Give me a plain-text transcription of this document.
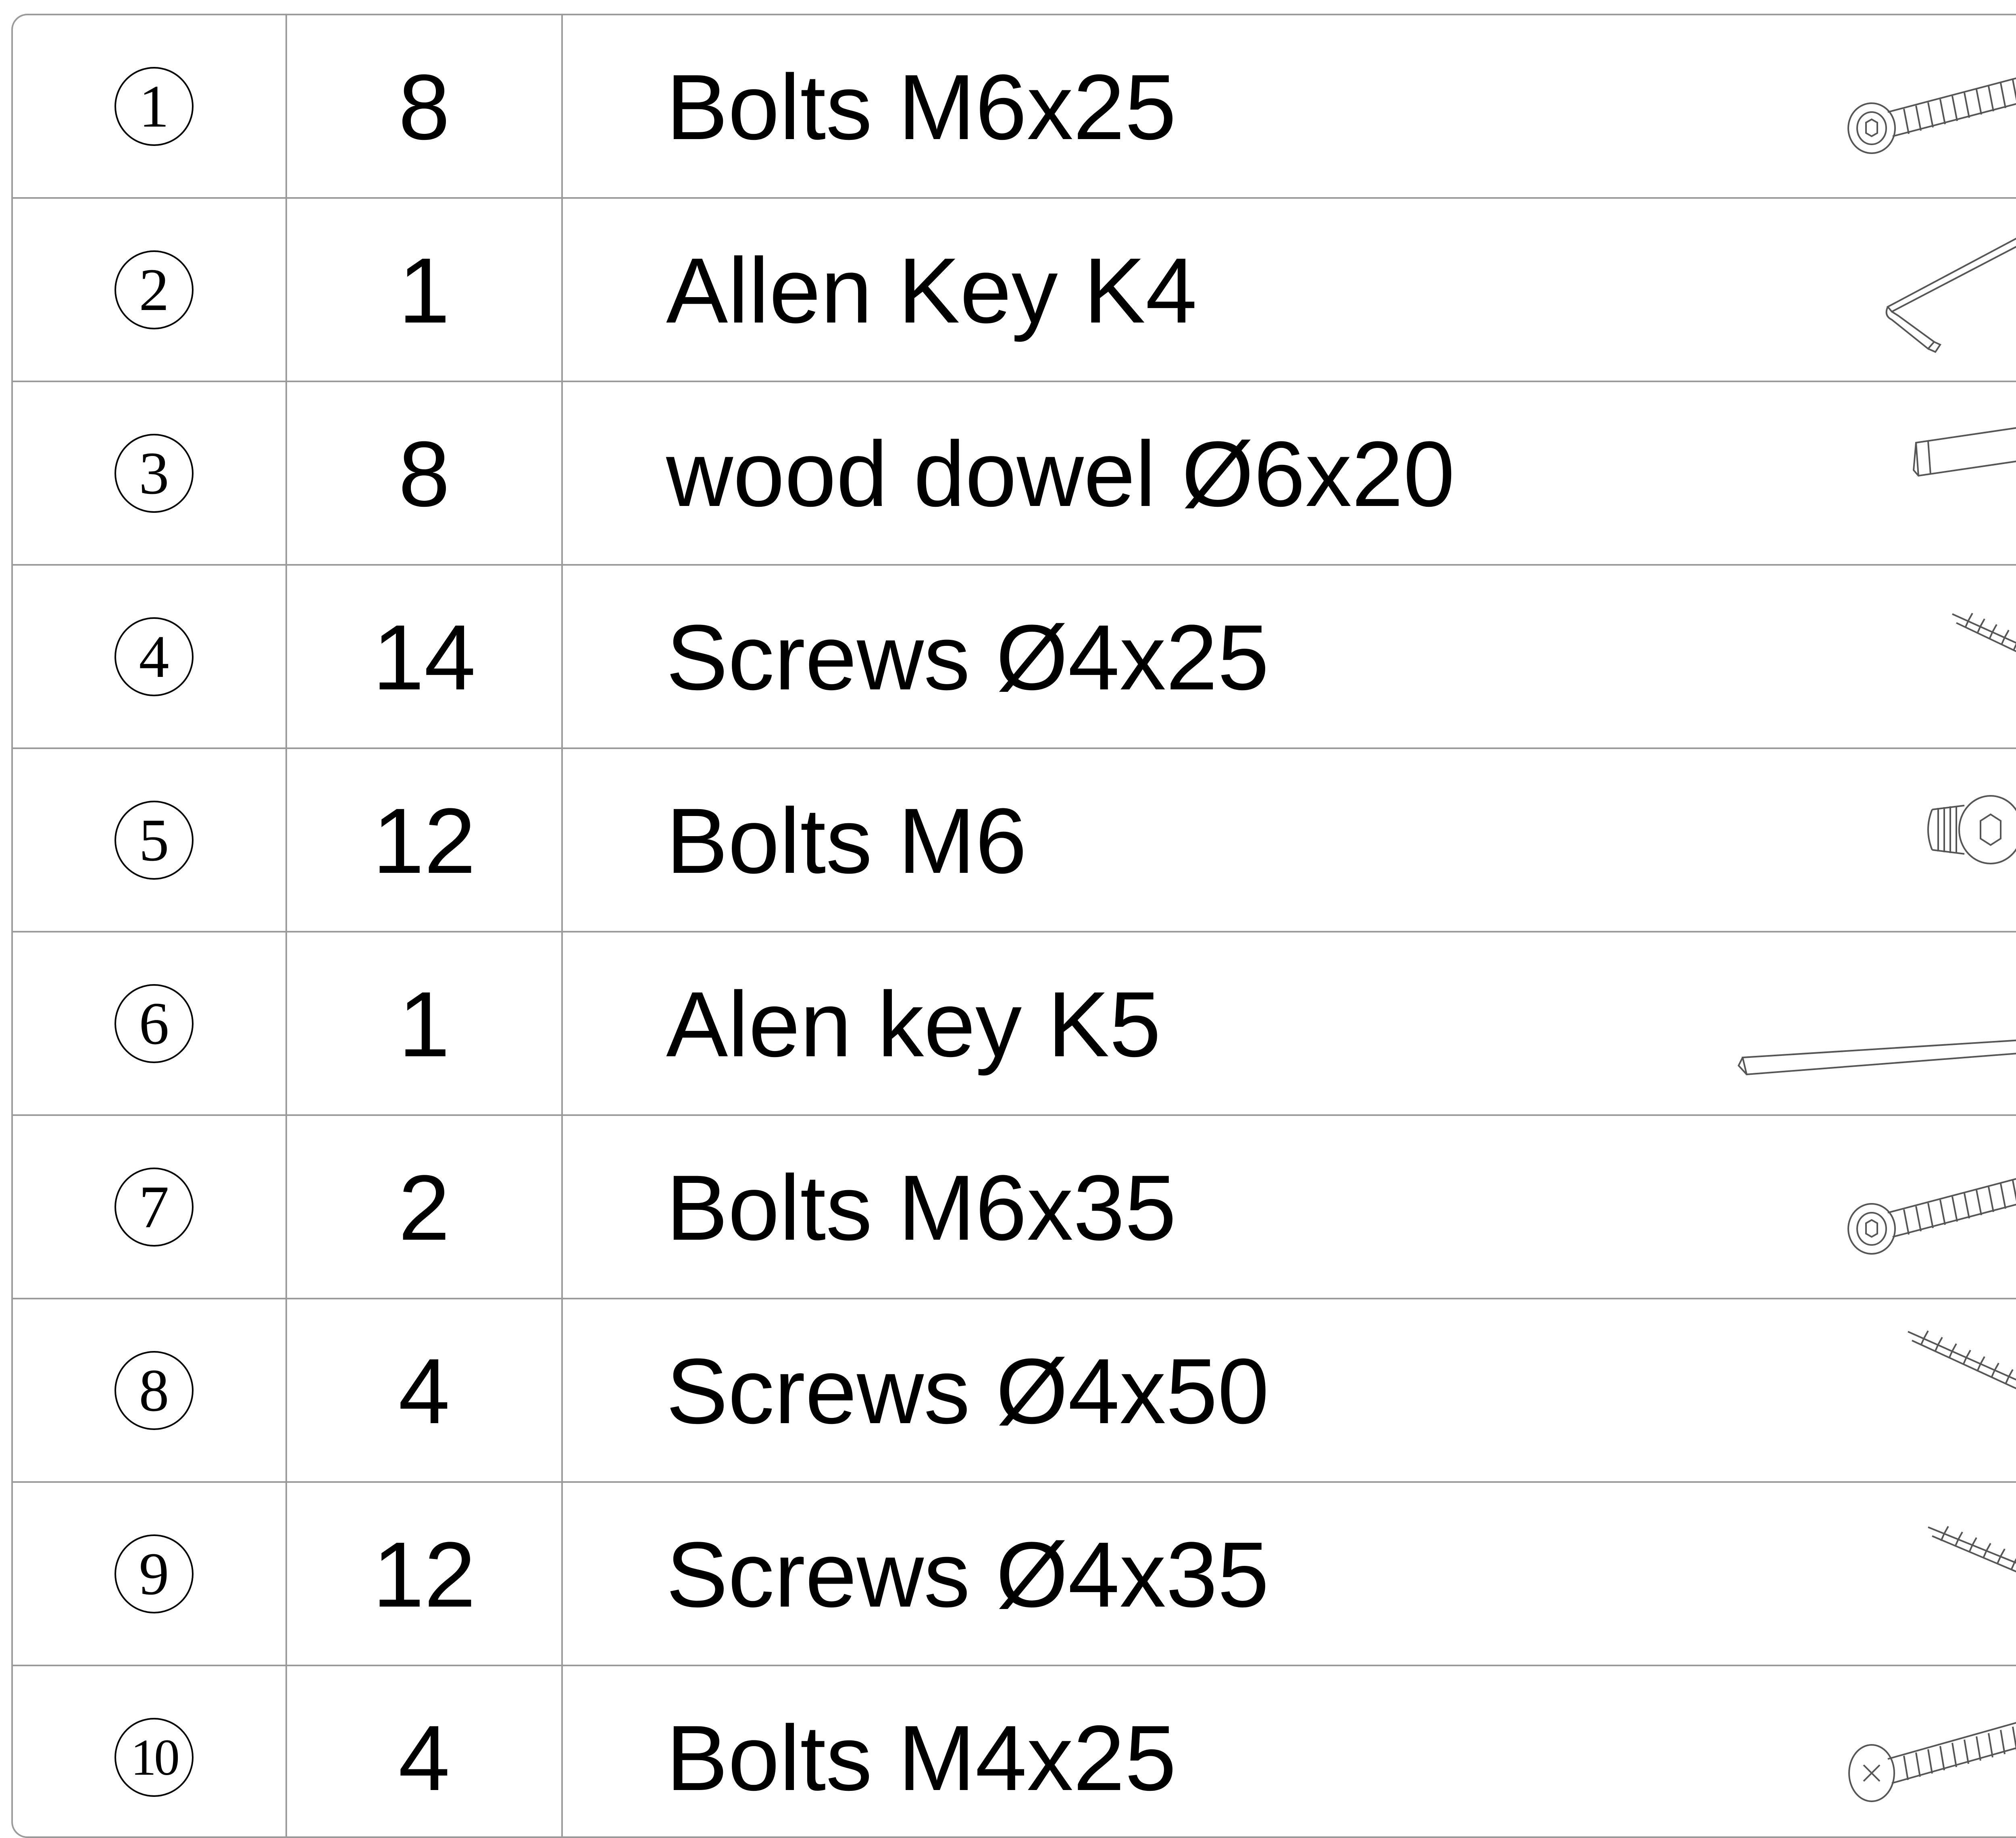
1	8	Bolts M6x25
2	1	Allen Key K4
3	8	wood dowel Ø6x20
4	14	Screws Ø4x25
5	12	Bolts M6
6	1	Alen key K5
7	2	Bolts M6x35
8	4	Screws Ø4x50
9	12	Screws Ø4x35
10	4	Bolts M4x25
